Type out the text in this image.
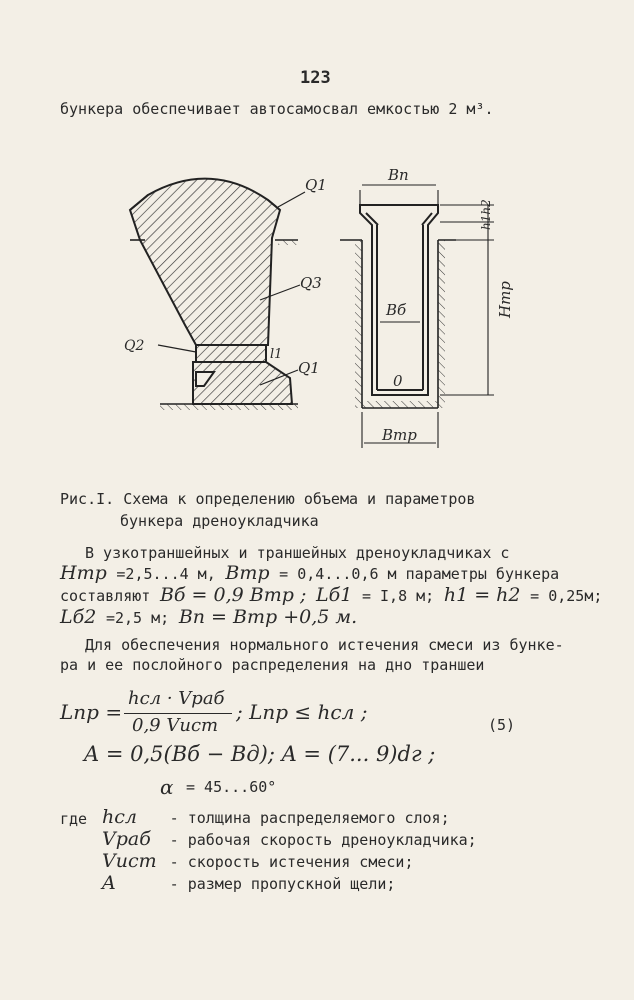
123
бункера обеспечивает автосамосвал емкостью 2 м³.
Q1
Q3
Q2
l1
Q1
Bп
h1h2
Hтр
Bб
0
Bтр
Рис.I. Схема к определению объема и параметров
бункера дреноукладчика
В узкотраншейных и траншейных дреноукладчиках с
Hтр =2,5...4 м, Bтр = 0,4...0,6 м параметры бункера
составляют Bб = 0,9 Bтр ; Lб1 = I,8 м; h1 = h2 = 0,25м;
Lб2 =2,5 м; Bп = Bтр +0,5 м.
Для обеспечения нормального истечения смеси из бунке-
ра и ее послойного распределения на дно траншеи
Lпр =
hсл · Vраб
0,9 Vист
; Lпр ≤ hсл ;
(5)
A = 0,5(Bб − Bд); A = (7... 9)dг ;
α = 45...60°
где hсл - толщина распределяемого слоя;
Vраб - рабочая скорость дреноукладчика;
Vист - скорость истечения смеси;
A	- размер пропускной щели;
